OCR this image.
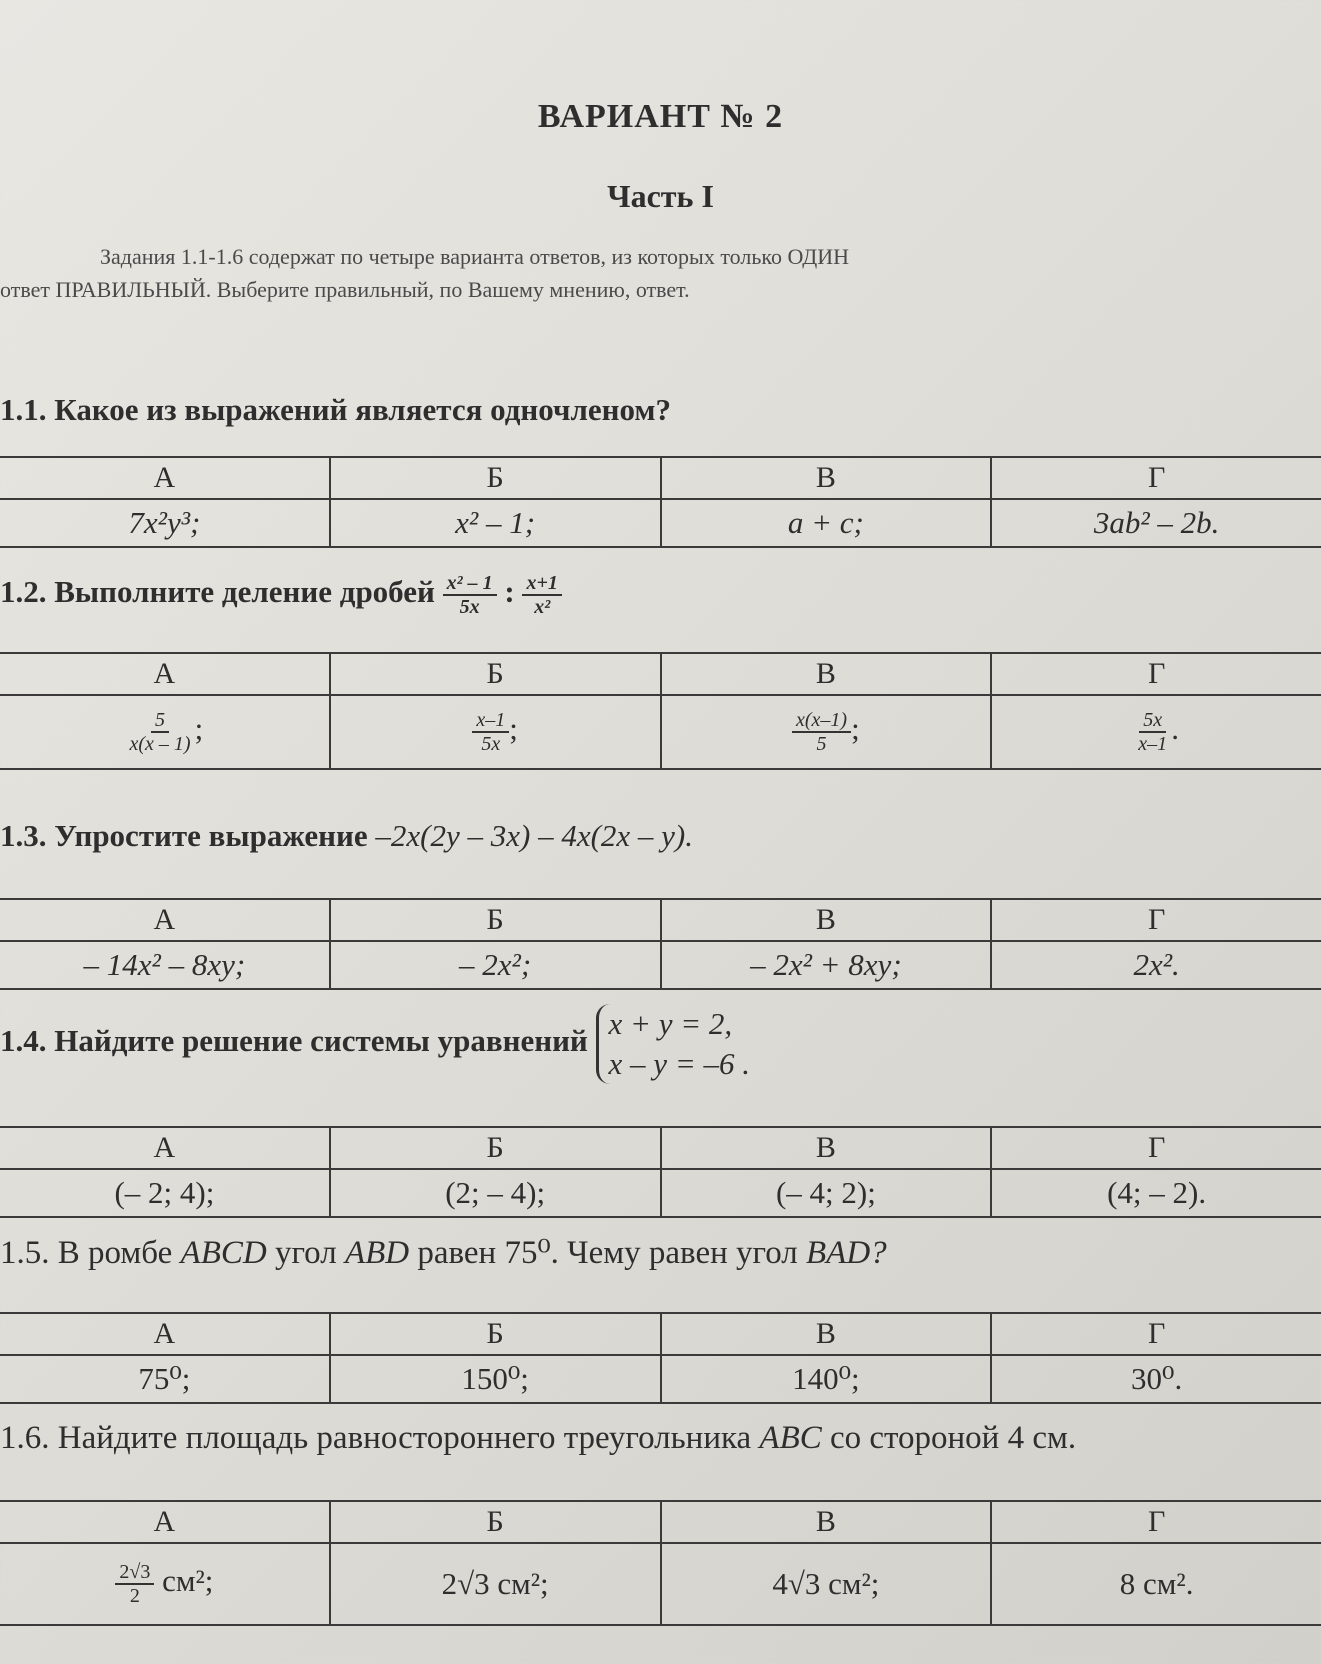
ВАРИАНТ № 2
Часть I
Задания 1.1-1.6 содержат по четыре варианта ответов, из которых только ОДИН
ответ ПРАВИЛЬНЫЙ. Выберите правильный, по Вашему мнению, ответ.
1.1. Какое из выражений является одночленом?
А	Б	В	Г
7x²y³;	x² – 1;	a + c;	3ab² – 2b.
1.2. Выполните деление дробей $\frac{\text{x² – 1}}{5x}$ : $\frac{x+1}{\text{x²}}$
А	Б	В	Г

$\frac{5}{x(x - 1)}$ ;	$\frac{x-1}{5x}$ ;	$\frac{x(x-1)}{5}$ ;	$\frac{5x}{x-1}$ .
1.3. Упростите выражение –2x(2y – 3x) – 4x(2x – y).
А	Б	В	Г
– 14x² – 8xy;	– 2x²;	– 2x² + 8xy;	2x².
1.4. Найдите решение системы уравнений x + y = 2,
x – y = –6 .
А	Б	В	Г
(– 2; 4);	(2; – 4);	(– 4; 2);	(4; – 2).
1.5. В ромбе ABCD угол ABD равен 75⁰. Чему равен угол BAD?
А	Б	В	Г
75⁰;	150⁰;	140⁰;	30⁰.
1.6. Найдите площадь равностороннего треугольника ABC со стороной 4 см.
А	Б	В	Г

$\frac{2√3}{2} см^2$;	2√3 см²;	4√3 см²;	8 см².
